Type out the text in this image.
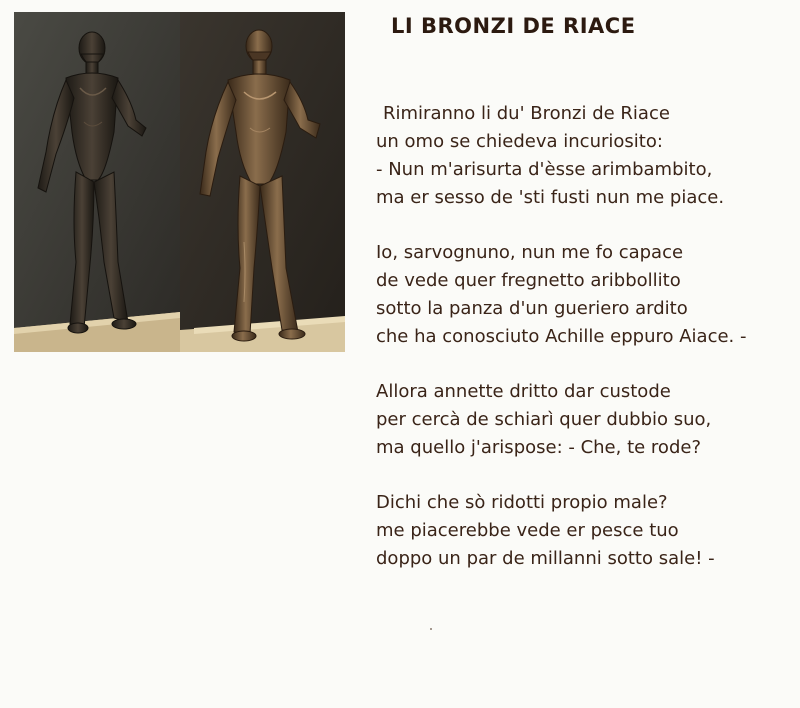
LI BRONZI DE RIACE
Rimiranno li du' Bronzi de Riace
un omo se chiedeva incuriosito:
- Nun m'arisurta d'èsse arimbambito,
ma er sesso de 'sti fusti nun me piace.
Io, sarvognuno, nun me fo capace
de vede quer fregnetto aribbollito
sotto la panza d'un gueriero ardito
che ha conosciuto Achille eppuro Aiace. -
Allora annette dritto dar custode
per cercà de schiarì quer dubbio suo,
ma quello j'arispose: - Che, te rode?
Dichi che sò ridotti propio male?
me piacerebbe vede er pesce tuo
doppo un par de millanni sotto sale! -
